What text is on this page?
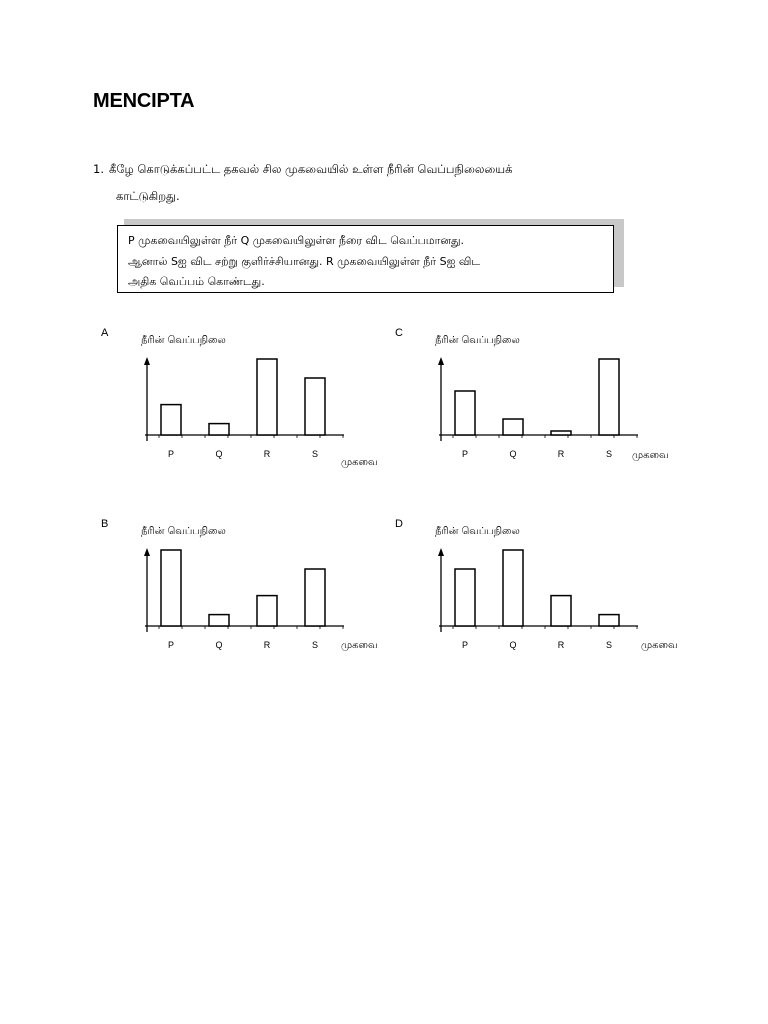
MENCIPTA
1. கீழே கொடுக்கப்பட்ட தகவல் சில முகவையில் உள்ள நீரின் வெப்பநிலையைக்
காட்டுகிறது.
P முகவையிலுள்ள நீர் Q முகவையிலுள்ள நீரை விட வெப்பமானது.
ஆனால் Sஐ விட சற்று குளிர்ச்சியானது. R முகவையிலுள்ள நீர் Sஐ விட
அதிக வெப்பம் கொண்டது.
A
நீரின் வெப்பநிலை
P	Q	R	S
முகவை
C
நீரின் வெப்பநிலை
P	Q	R	S முகவை
B
நீரின் வெப்பநிலை
P	Q	R	S முகவை
D
நீரின் வெப்பநிலை
P	Q	R	S	முகவை
